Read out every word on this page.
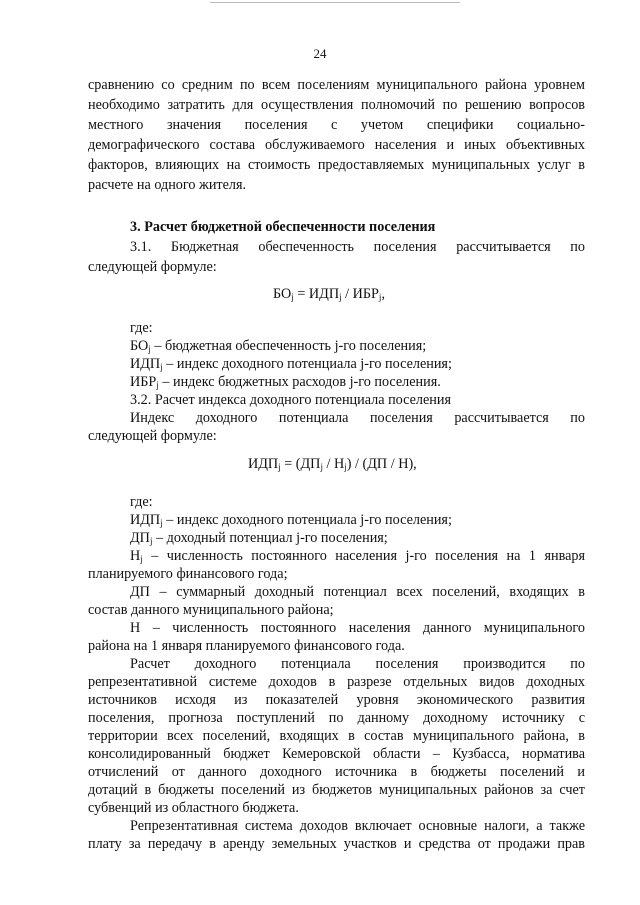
24
сравнению со средним по всем поселениям муниципального района уровнем
необходимо затратить для осуществления полномочий по решению вопросов
местного значения поселения с учетом специфики социально-
демографического состава обслуживаемого населения и иных объективных
факторов, влияющих на стоимость предоставляемых муниципальных услуг в
расчете на одного жителя.
3. Расчет бюджетной обеспеченности поселения
3.1. Бюджетная обеспеченность поселения рассчитывается по
следующей формуле:
$БО_j = ИДП_j / ИБР_j$,
где:
$БО_j$ – бюджетная обеспеченность j-го поселения;
$ИДП_j$ – индекс доходного потенциала j-го поселения;
$ИБР_j$ – индекс бюджетных расходов j-го поселения.
3.2. Расчет индекса доходного потенциала поселения
Индекс доходного потенциала поселения рассчитывается по
следующей формуле:
$ИДП_j = (ДП_j / Н_j) / (ДП / Н)$,
где:
$ИДП_j$ – индекс доходного потенциала j-го поселения;
$ДП_j$ – доходный потенциал j-го поселения;
$Н_j$ – численность постоянного населения j-го поселения на 1 января
планируемого финансового года;
ДП – суммарный доходный потенциал всех поселений, входящих в
состав данного муниципального района;
Н – численность постоянного населения данного муниципального
района на 1 января планируемого финансового года.
Расчет доходного потенциала поселения производится по
репрезентативной системе доходов в разрезе отдельных видов доходных
источников исходя из показателей уровня экономического развития
поселения, прогноза поступлений по данному доходному источнику с
территории всех поселений, входящих в состав муниципального района, в
консолидированный бюджет Кемеровской области – Кузбасса, норматива
отчислений от данного доходного источника в бюджеты поселений и
дотаций в бюджеты поселений из бюджетов муниципальных районов за счет
субвенций из областного бюджета.
Репрезентативная система доходов включает основные налоги, а также
плату за передачу в аренду земельных участков и средства от продажи прав
